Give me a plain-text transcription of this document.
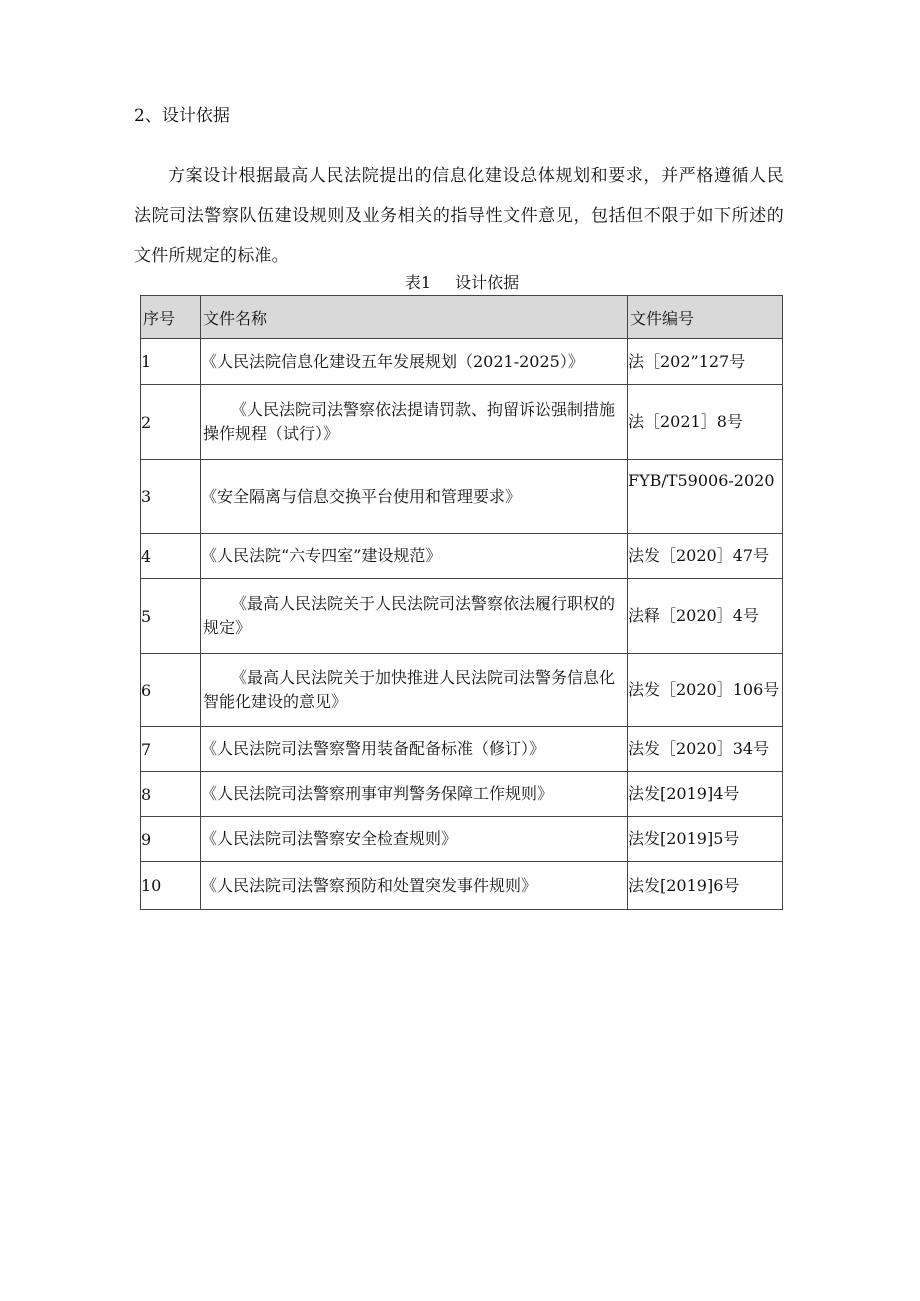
2、设计依据

方案设计根据最高人民法院提出的信息化建设总体规划和要求，并严格遵循人民法院司法警察队伍建设规则及业务相关的指导性文件意见，包括但不限于如下所述的文件所规定的标准。

表1 设计依据
序号	文件名称	文件编号
1	《人民法院信息化建设五年发展规划（2021-2025）》	法［202”127号
2	《人民法院司法警察依法提请罚款、拘留诉讼强制措施操作规程（试行）》	法［2021］8号
3	《安全隔离与信息交换平台使用和管理要求》	FYB/T59006-2020
4	《人民法院“六专四室”建设规范》	法发［2020］47号
5	《最高人民法院关于人民法院司法警察依法履行职权的规定》	法释［2020］4号
6	《最高人民法院关于加快推进人民法院司法警务信息化智能化建设的意见》	法发［2020］106号
7	《人民法院司法警察警用装备配备标准（修订）》	法发［2020］34号
8	《人民法院司法警察刑事审判警务保障工作规则》	法发[2019]4号
9	《人民法院司法警察安全检查规则》	法发[2019]5号
10	《人民法院司法警察预防和处置突发事件规则》	法发[2019]6号
